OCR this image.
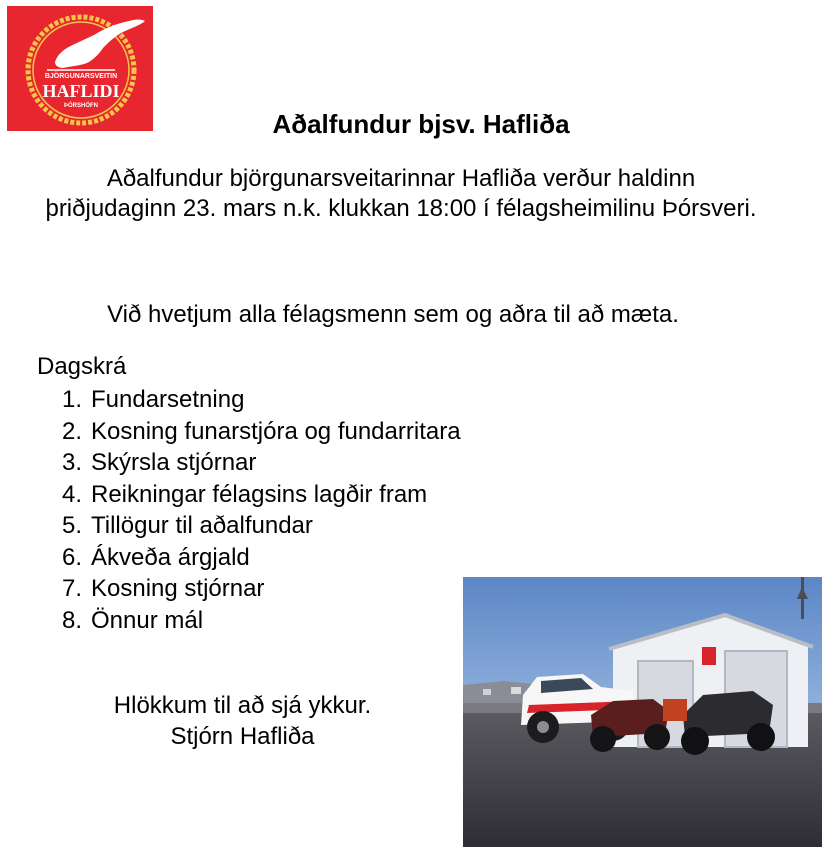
BJÖRGUNARSVEITIN
HAFLIDI
ÞÓRSHÖFN
Aðalfundur bjsv. Hafliða
Aðalfundur björgunarsveitarinnar Hafliða verður haldinn þriðjudaginn 23. mars n.k. klukkan 18:00 í félagsheimilinu Þórsveri.
Við hvetjum alla félagsmenn sem og aðra til að mæta.
Dagskrá
1. Fundarsetning
2. Kosning funarstjóra og fundarritara
3. Skýrsla stjórnar
4. Reikningar félagsins lagðir fram
5. Tillögur til aðalfundar
6. Ákveða árgjald
7. Kosning stjórnar
8. Önnur mál
Hlökkum til að sjá ykkur.
Stjórn Hafliða
